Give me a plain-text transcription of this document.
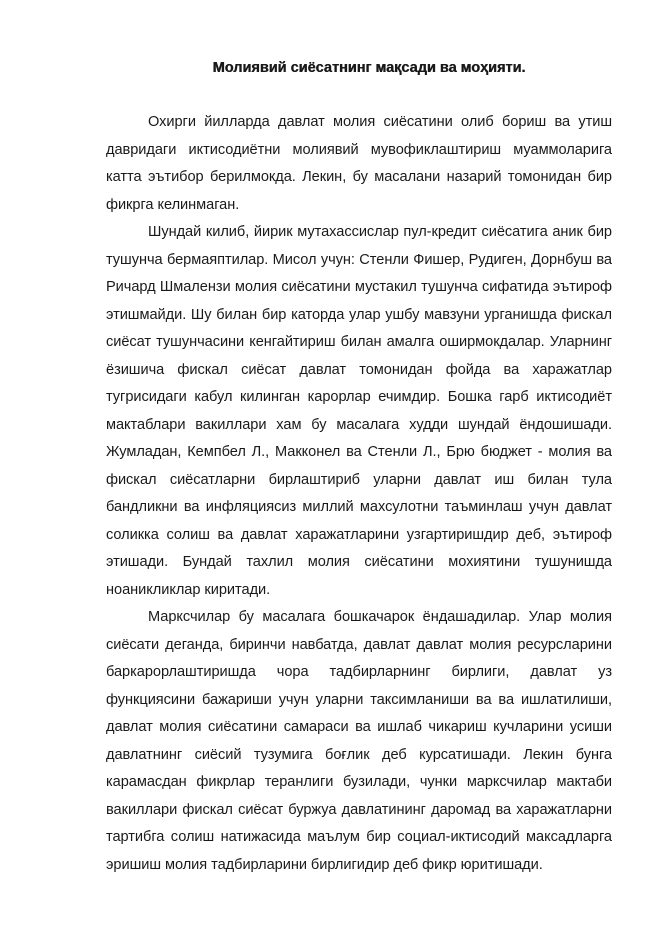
Молиявий сиёсатнинг мақсади ва моҳияти.

Охирги йилларда давлат молия сиёсатини олиб бориш ва утиш давридаги иктисодиётни молиявий мувофиклаштириш муаммоларига катта эътибор берилмокда. Лекин, бу масалани назарий томонидан бир фикрга келинмаган.

Шундай килиб, йирик мутахассислар пул-кредит сиёсатига аник бир тушунча бермаяптилар. Мисол учун: Стенли Фишер, Рудиген, Дорнбуш ва Ричард Шмалензи молия сиёсатини мустакил тушунча сифатида эътироф этишмайди. Шу билан бир каторда улар ушбу мавзуни урганишда фискал сиёсат тушунчасини кенгайтириш билан амалга оширмокдалар. Уларнинг ёзишича фискал сиёсат давлат томонидан фойда ва харажатлар тугрисидаги кабул килинган карорлар ечимдир. Бошка гарб иктисодиёт мактаблари вакиллари хам бу масалага худди шундай ёндошишади. Жумладан, Кемпбел Л., Макконел ва Стенли Л., Брю бюджет - молия ва фискал сиёсатларни бирлаштириб уларни давлат иш билан тула бандликни ва инфляциясиз миллий махсулотни таъминлаш учун давлат соликка солиш ва давлат харажатларини узгартиришдир деб, эътироф этишади. Бундай тахлил молия сиёсатини мохиятини тушунишда ноаникликлар киритади.

Марксчилар бу масалага бошкачарок ёндашадилар. Улар молия сиёсати деганда, биринчи навбатда, давлат давлат молия ресурсларини баркарорлаштиришда чора тадбирларнинг бирлиги, давлат уз функциясини бажариши учун уларни таксимланиши ва ва ишлатилиши, давлат молия сиёсатини самараси ва ишлаб чикариш кучларини усиши давлатнинг сиёсий тузумига боғлик деб курсатишади. Лекин бунга карамасдан фикрлар теранлиги бузилади, чунки марксчилар мактаби вакиллари фискал сиёсат буржуа давлатининг даромад ва харажатларни тартибга солиш натижасида маълум бир социал-иктисодий максадларга эришиш молия тадбирларини бирлигидир деб фикр юритишади.
